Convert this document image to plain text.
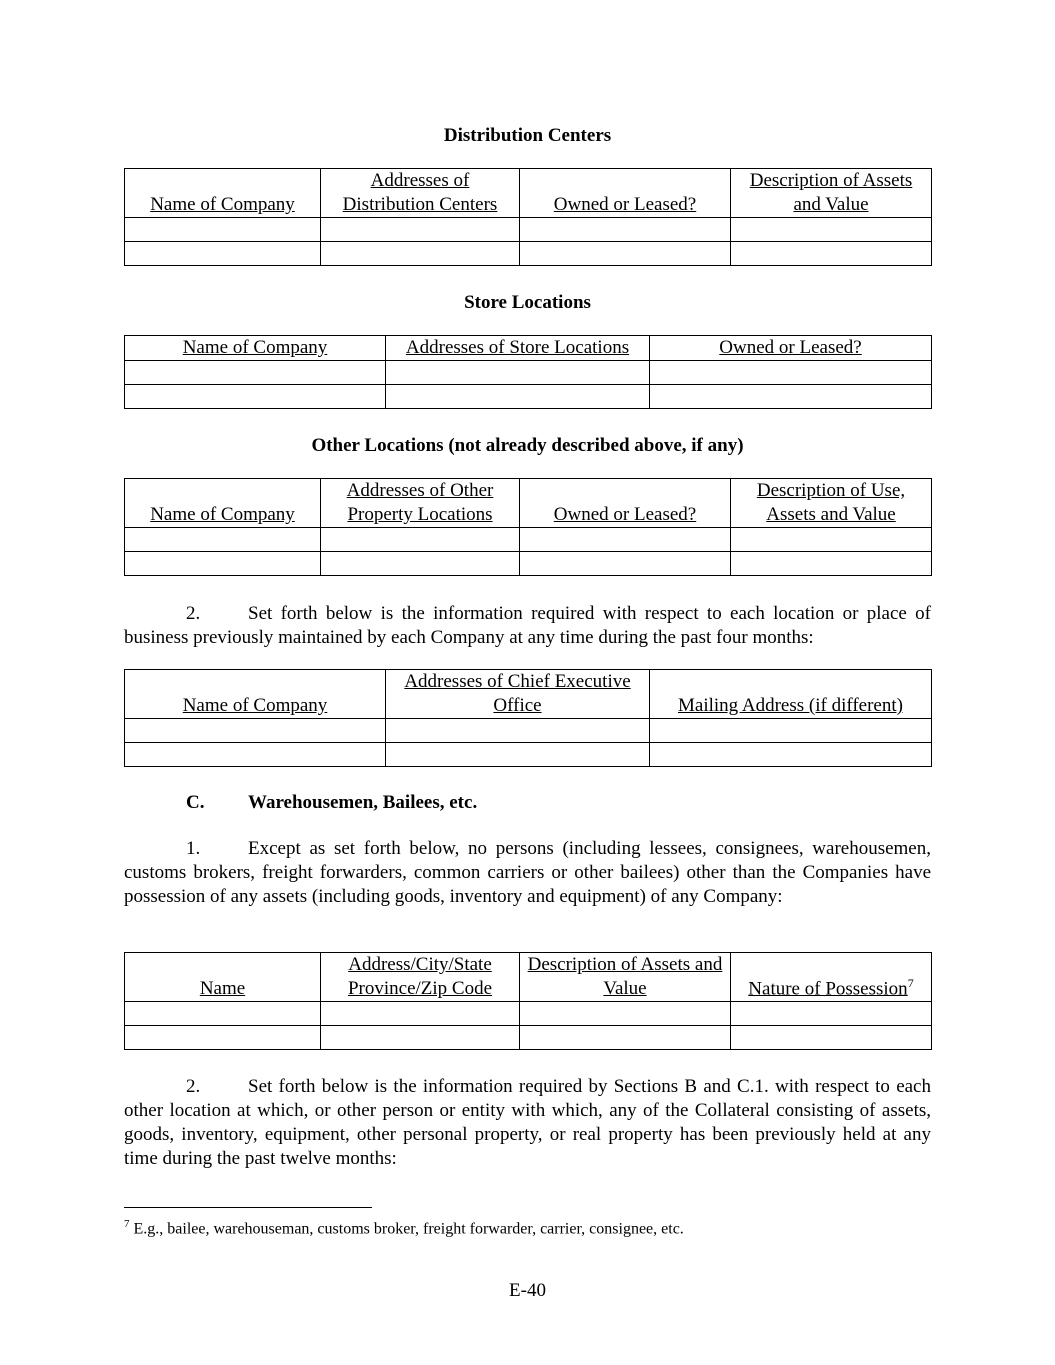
Distribution Centers
Name of Company	Addresses of Distribution Centers	Owned or Leased?	Description of Assets and Value

Store Locations
Name of Company	Addresses of Store Locations	Owned or Leased?

Other Locations (not already described above, if any)
Name of Company	Addresses of Other Property Locations	Owned or Leased?	Description of Use, Assets and Value

2.	Set forth below is the information required with respect to each location or place of business previously maintained by each Company at any time during the past four months:
Name of Company	Addresses of Chief Executive Office	Mailing Address (if different)

C. Warehousemen, Bailees, etc.
1.	Except as set forth below, no persons (including lessees, consignees, warehousemen, customs brokers, freight forwarders, common carriers or other bailees) other than the Companies have possession of any assets (including goods, inventory and equipment) of any Company:
Name	Address/City/State Province/Zip Code	Description of Assets and Value	Nature of Possession$^7$

2.	Set forth below is the information required by Sections B and C.1. with respect to each other location at which, or other person or entity with which, any of the Collateral consisting of assets, goods, inventory, equipment, other personal property, or real property has been previously held at any time during the past twelve months:
$^7$ E.g., bailee, warehouseman, customs broker, freight forwarder, carrier, consignee, etc.
E-40
